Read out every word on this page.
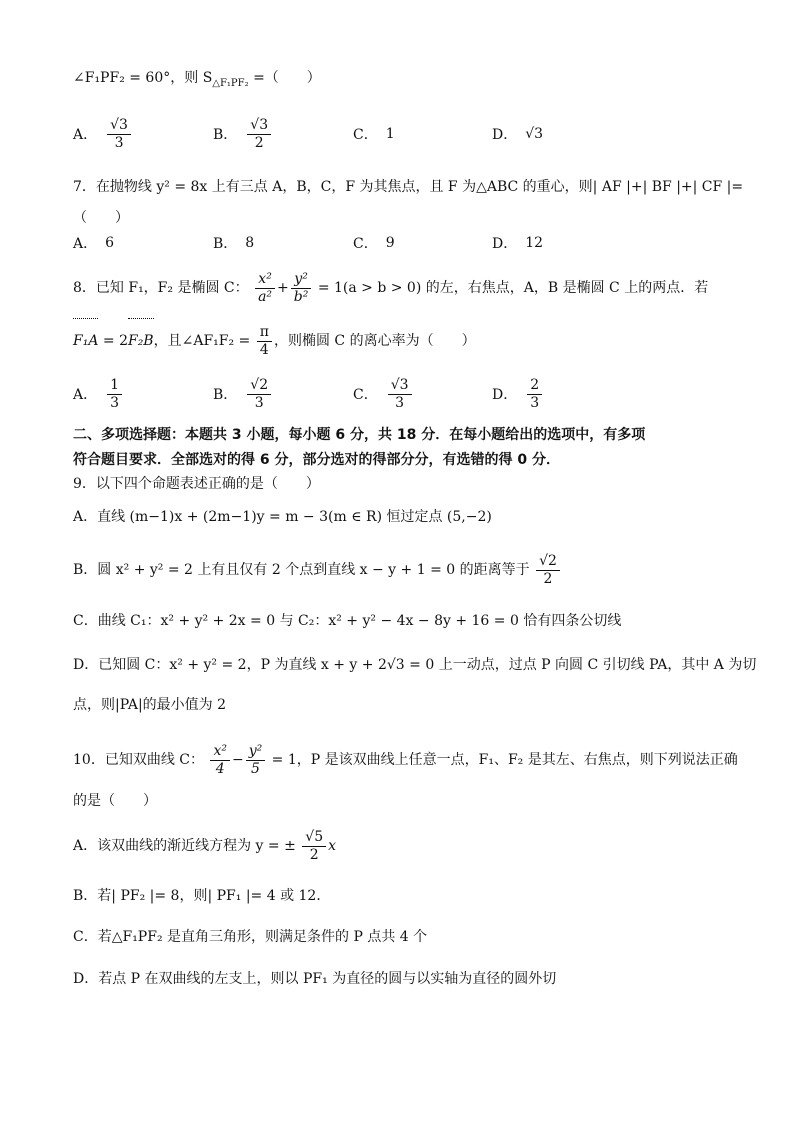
∠F₁PF₂ = 60°，则 $S_{\triangle F_1PF_2}$ =（　　）
A． $\frac{√3}{3}$	B． $\frac{√3}{2}$	C． 1	D． √3
7．在抛物线 y² = 8x 上有三点 A，B，C，F 为其焦点，且 F 为△ABC 的重心，则| AF |+| BF |+| CF |=
（　　）
A． 6	B． 8	C． 9	D． 12
8．已知 F₁，F₂ 是椭圆 C： $\frac{\text{x²}}{\text{a²}} + \frac{\text{y²}}{\text{b²}} = 1(a > b > 0)$ 的左，右焦点，A，B 是椭圆 C 上的两点．若
F₁A = 2F₂B，且∠AF₁F₂ = $\frac{\pi}{4}$ ，则椭圆 C 的离心率为（　　）
A． $\frac{1}{3}$	B． $\frac{√2}{3}$	C． $\frac{√3}{3}$	D． $\frac{2}{3}$
二、多项选择题：本题共 3 小题，每小题 6 分，共 18 分．在每小题给出的选项中，有多项
符合题目要求．全部选对的得 6 分，部分选对的得部分分，有选错的得 0 分．
9．以下四个命题表述正确的是（　　）
A．直线 (m−1)x + (2m−1)y = m − 3(m ∈ R) 恒过定点 (5,−2)
B．圆 x² + y² = 2 上有且仅有 2 个点到直线 x − y + 1 = 0 的距离等于 $\frac{√2}{2}$
C．曲线 C₁：x² + y² + 2x = 0 与 C₂：x² + y² − 4x − 8y + 16 = 0 恰有四条公切线
D．已知圆 C：x² + y² = 2，P 为直线 x + y + 2√3 = 0 上一动点，过点 P 向圆 C 引切线 PA，其中 A 为切
点，则|PA|的最小值为 2
10．已知双曲线 C： $\frac{\text{x²}}{4} - \frac{\text{y²}}{5} = 1$，P 是该双曲线上任意一点，F₁、F₂ 是其左、右焦点，则下列说法正确
的是（　　）
A．该双曲线的渐近线方程为 y = ± $\frac{√5}{2}$ x
B．若| PF₂ |= 8，则| PF₁ |= 4 或 12．
C．若△F₁PF₂ 是直角三角形，则满足条件的 P 点共 4 个
D．若点 P 在双曲线的左支上，则以 PF₁ 为直径的圆与以实轴为直径的圆外切
